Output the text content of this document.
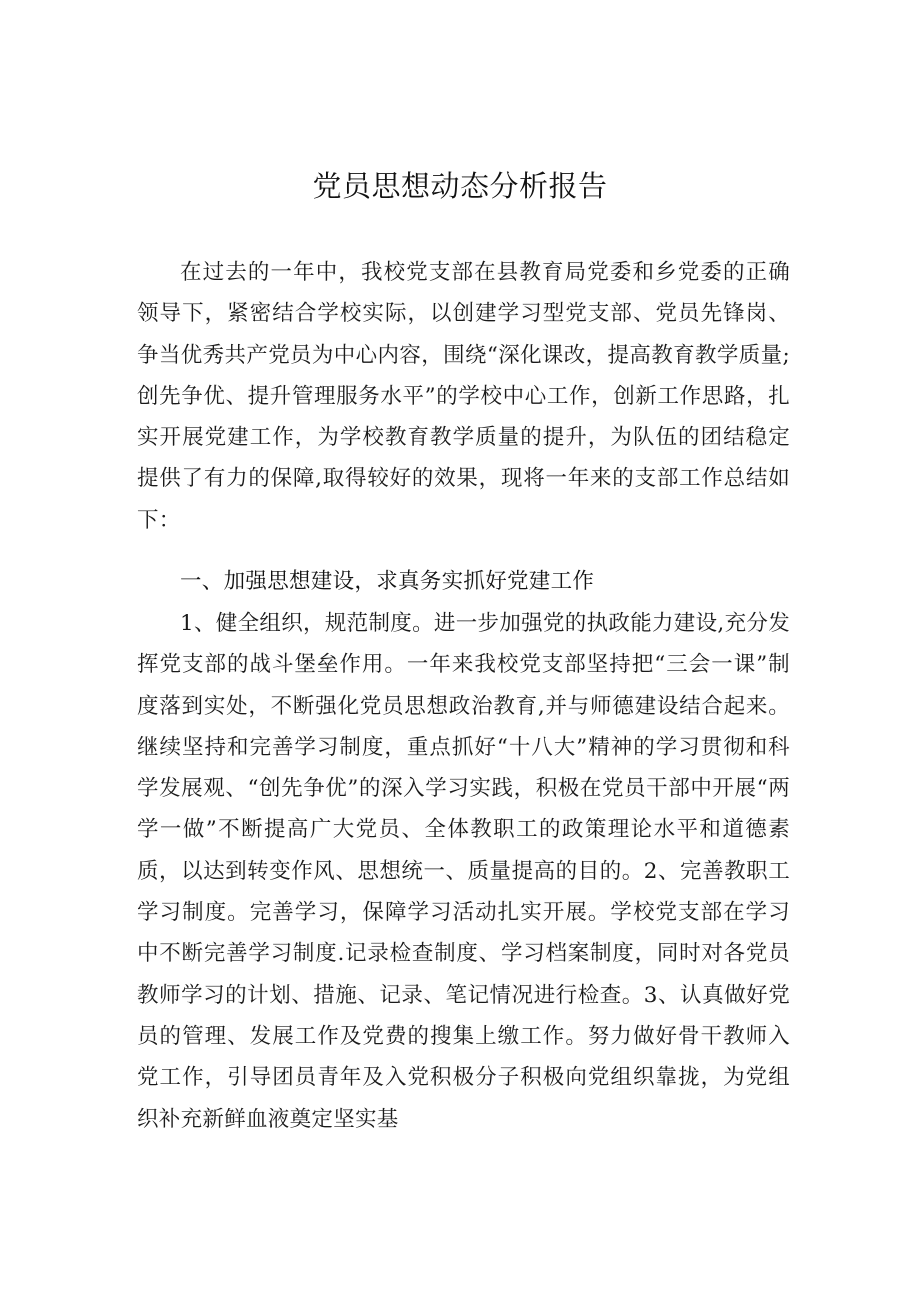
党员思想动态分析报告
在过去的一年中，我校党支部在县教育局党委和乡党委的正确领导下，紧密结合学校实际，以创建学习型党支部、党员先锋岗、争当优秀共产党员为中心内容，围绕“深化课改，提高教育教学质量;创先争优、提升管理服务水平”的学校中心工作，创新工作思路，扎实开展党建工作，为学校教育教学质量的提升，为队伍的团结稳定提供了有力的保障,取得较好的效果，现将一年来的支部工作总结如下：
一、加强思想建设，求真务实抓好党建工作
1、健全组织，规范制度。进一步加强党的执政能力建设,充分发挥党支部的战斗堡垒作用。一年来我校党支部坚持把“三会一课”制度落到实处，不断强化党员思想政治教育,并与师德建设结合起来。继续坚持和完善学习制度，重点抓好“十八大”精神的学习贯彻和科学发展观、“创先争优”的深入学习实践，积极在党员干部中开展“两学一做”不断提高广大党员、全体教职工的政策理论水平和道德素质，以达到转变作风、思想统一、质量提高的目的。2、完善教职工学习制度。完善学习，保障学习活动扎实开展。学校党支部在学习中不断完善学习制度.记录检查制度、学习档案制度，同时对各党员教师学习的计划、措施、记录、笔记情况进行检查。3、认真做好党员的管理、发展工作及党费的搜集上缴工作。努力做好骨干教师入党工作，引导团员青年及入党积极分子积极向党组织靠拢，为党组织补充新鲜血液奠定坚实基
